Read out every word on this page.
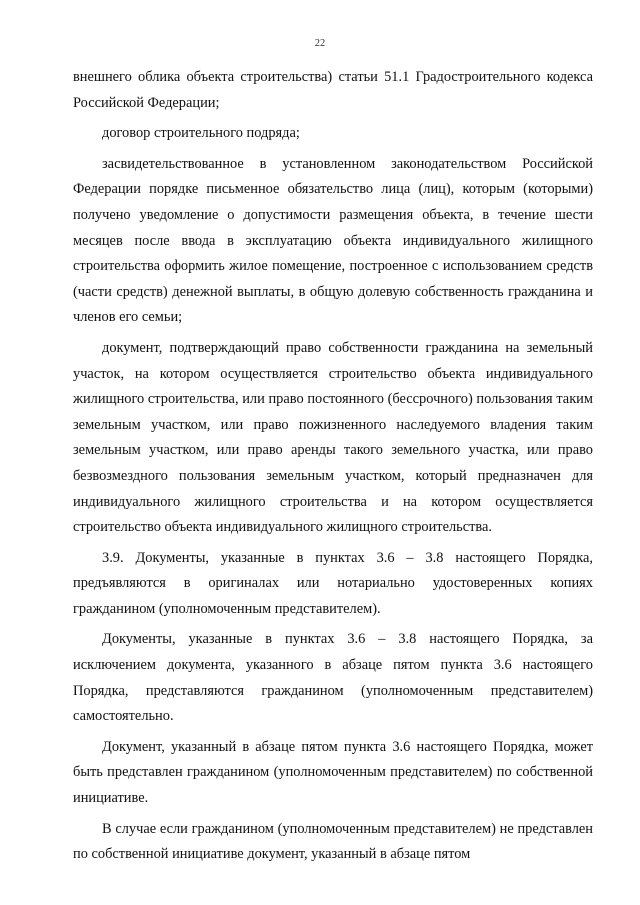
22

внешнего облика объекта строительства) статьи 51.1 Градостроительного кодекса Российской Федерации;

договор строительного подряда;

засвидетельствованное в установленном законодательством Российской Федерации порядке письменное обязательство лица (лиц), которым (которыми) получено уведомление о допустимости размещения объекта, в течение шести месяцев после ввода в эксплуатацию объекта индивидуального жилищного строительства оформить жилое помещение, построенное с использованием средств (части средств) денежной выплаты, в общую долевую собственность гражданина и членов его семьи;

документ, подтверждающий право собственности гражданина на земельный участок, на котором осуществляется строительство объекта индивидуального жилищного строительства, или право постоянного (бессрочного) пользования таким земельным участком, или право пожизненного наследуемого владения таким земельным участком, или право аренды такого земельного участка, или право безвозмездного пользования земельным участком, который предназначен для индивидуального жилищного строительства и на котором осуществляется строительство объекта индивидуального жилищного строительства.

3.9. Документы, указанные в пунктах 3.6 – 3.8 настоящего Порядка, предъявляются в оригиналах или нотариально удостоверенных копиях гражданином (уполномоченным представителем).

Документы, указанные в пунктах 3.6 – 3.8 настоящего Порядка, за исключением документа, указанного в абзаце пятом пункта 3.6 настоящего Порядка, представляются гражданином (уполномоченным представителем) самостоятельно.

Документ, указанный в абзаце пятом пункта 3.6 настоящего Порядка, может быть представлен гражданином (уполномоченным представителем) по собственной инициативе.

В случае если гражданином (уполномоченным представителем) не представлен по собственной инициативе документ, указанный в абзаце пятом
